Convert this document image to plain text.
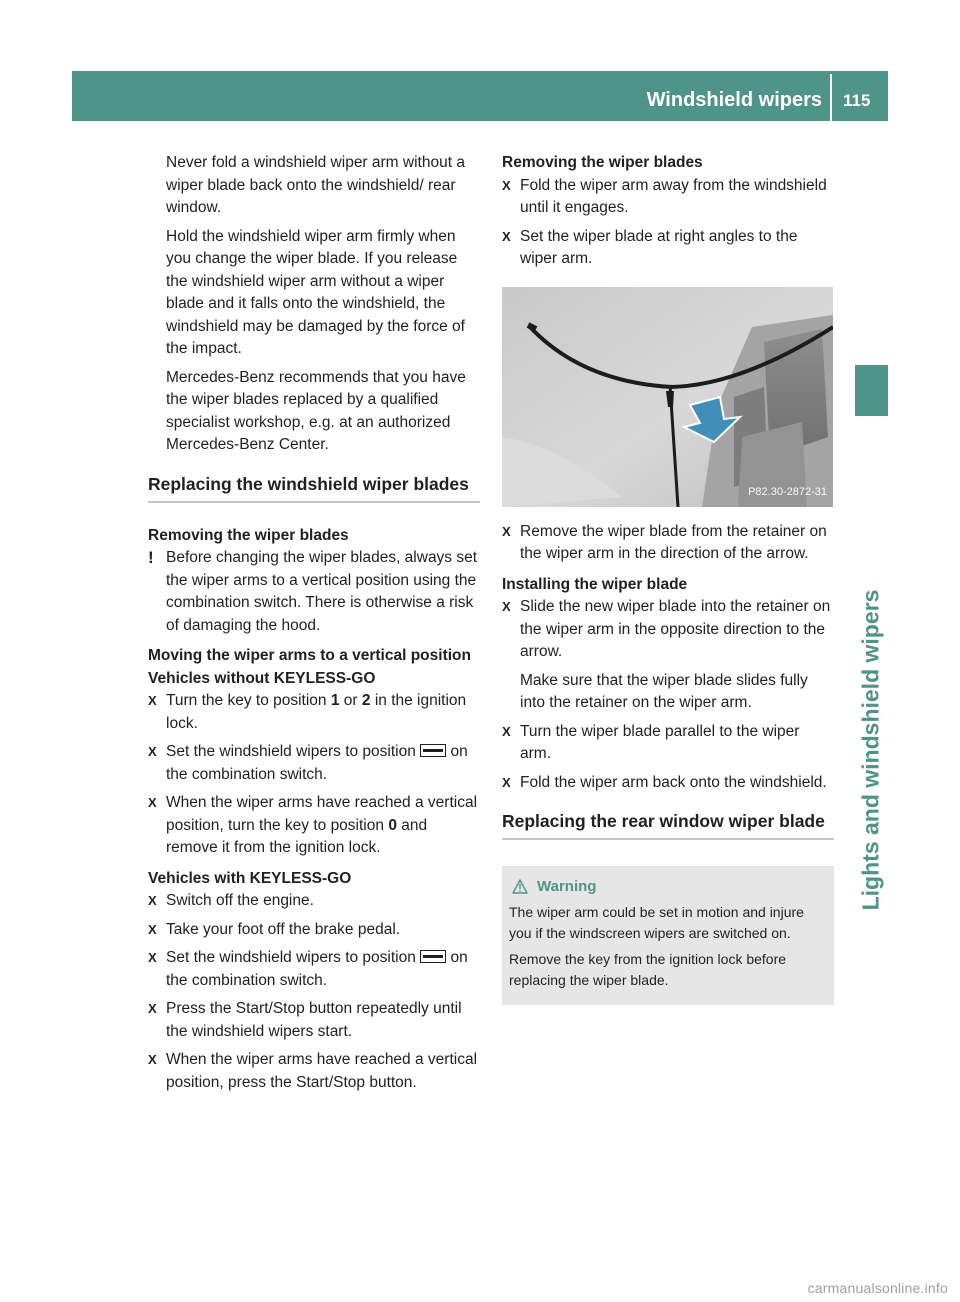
Windshield wipers 115
Lights and windshield wipers

Never fold a windshield wiper arm without a wiper blade back onto the windshield/ rear window.

Hold the windshield wiper arm firmly when you change the wiper blade. If you release the windshield wiper arm without a wiper blade and it falls onto the windshield, the windshield may be damaged by the force of the impact.

Mercedes-Benz recommends that you have the wiper blades replaced by a qualified specialist workshop, e.g. at an authorized Mercedes-Benz Center.

Replacing the windshield wiper blades

Removing the wiper blades

! Before changing the wiper blades, always set the wiper arms to a vertical position using the combination switch. There is otherwise a risk of damaging the hood.

Moving the wiper arms to a vertical position

Vehicles without KEYLESS-GO

X Turn the key to position 1 or 2 in the ignition lock.
X Set the windshield wipers to position  on the combination switch.
X When the wiper arms have reached a vertical position, turn the key to position 0 and remove it from the ignition lock.

Vehicles with KEYLESS-GO

X Switch off the engine.
X Take your foot off the brake pedal.
X Set the windshield wipers to position  on the combination switch.
X Press the Start/Stop button repeatedly until the windshield wipers start.
X When the wiper arms have reached a vertical position, press the Start/Stop button.

Removing the wiper blades

X Fold the wiper arm away from the windshield until it engages.
X Set the wiper blade at right angles to the wiper arm.
P82.30-2872-31
X Remove the wiper blade from the retainer on the wiper arm in the direction of the arrow.

Installing the wiper blade

X Slide the new wiper blade into the retainer on the wiper arm in the opposite direction to the arrow.

Make sure that the wiper blade slides fully into the retainer on the wiper arm.

X Turn the wiper blade parallel to the wiper arm.
X Fold the wiper arm back onto the windshield.
Replacing the rear window wiper blade
Warning

The wiper arm could be set in motion and injure you if the windscreen wipers are switched on.

Remove the key from the ignition lock before replacing the wiper blade.

carmanualsonline.info
